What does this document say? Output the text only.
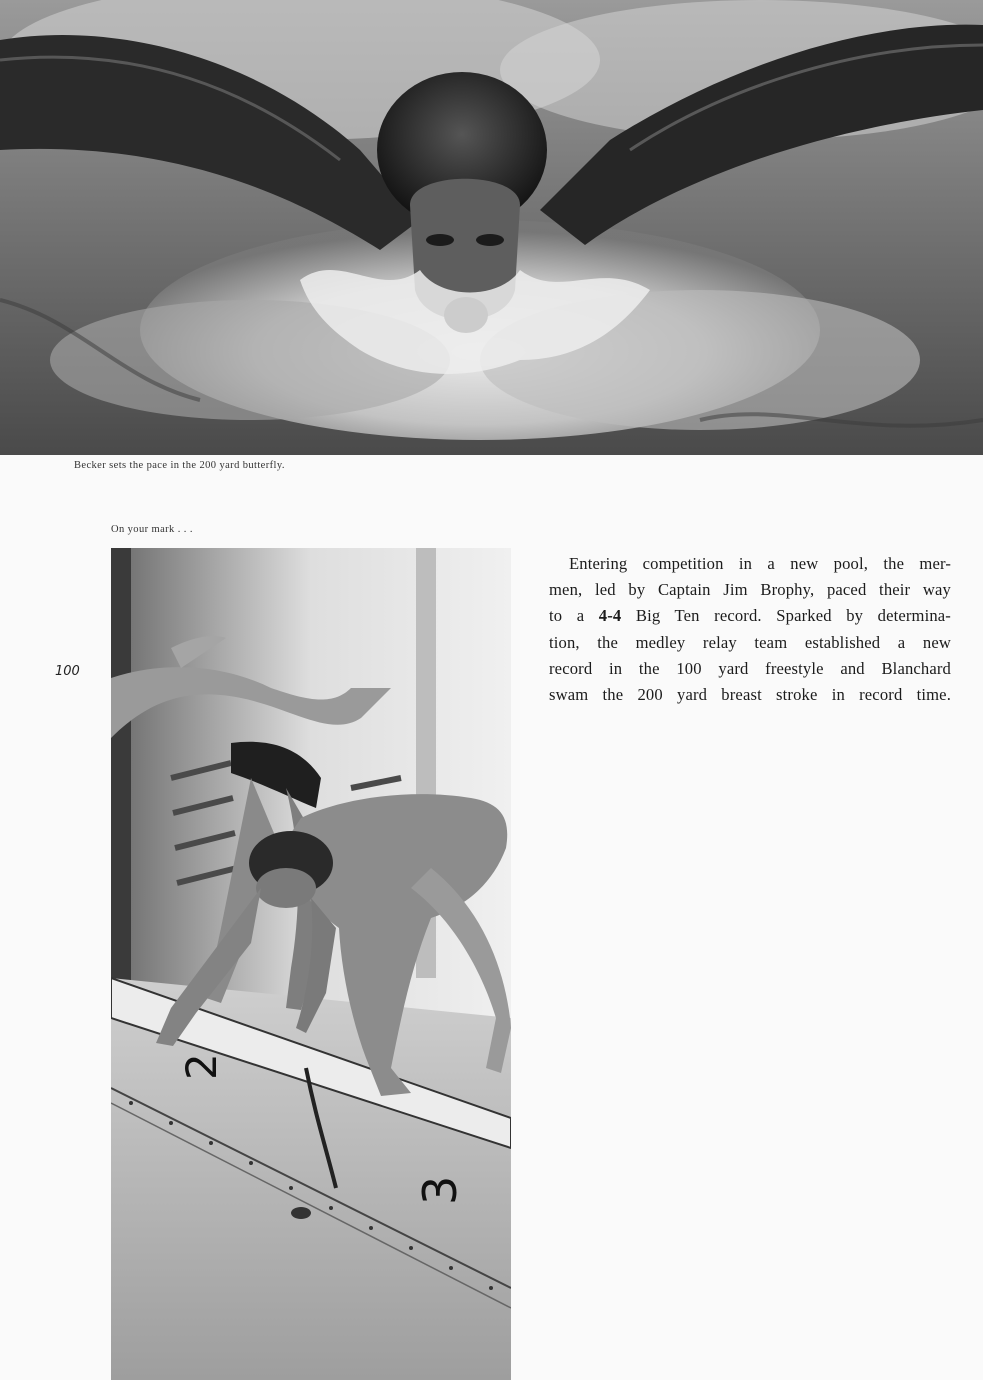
Becker sets the pace in the 200 yard butterfly.

On your mark . . .

100

2
3

Entering competition in a new pool, the mer-
men, led by Captain Jim Brophy, paced their way
to a 4-4 Big Ten record. Sparked by determina-
tion, the medley relay team established a new
record in the 100 yard freestyle and Blanchard
swam the 200 yard breast stroke in record time.
